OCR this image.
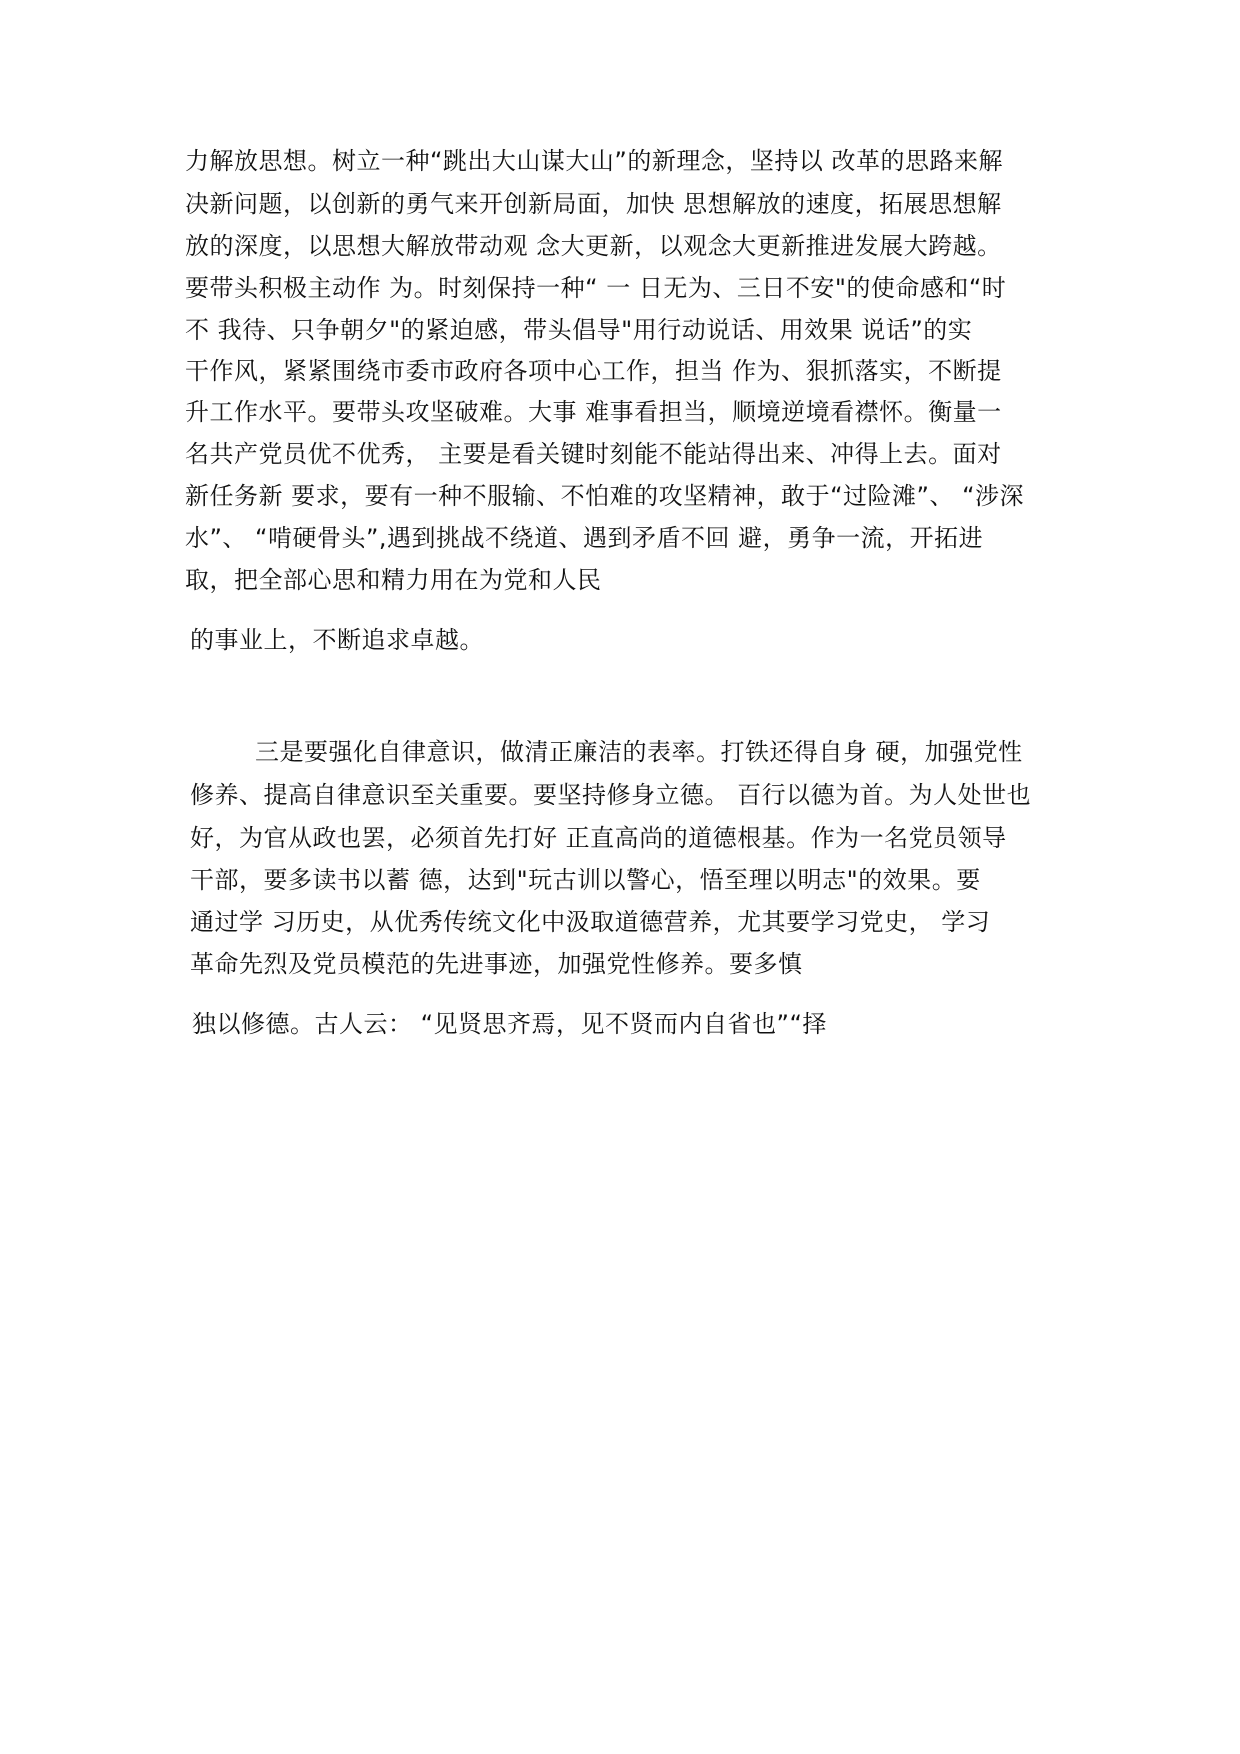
力解放思想。树立一种“跳出大山谋大山”的新理念，坚持以 改革的思路来解
决新问题，以创新的勇气来开创新局面，加快 思想解放的速度，拓展思想解
放的深度，以思想大解放带动观 念大更新，以观念大更新推进发展大跨越。
要带头积极主动作 为。时刻保持一种“ 一 日无为、三日不安"的使命感和“时
不 我待、只争朝夕"的紧迫感，带头倡导"用行动说话、用效果 说话”的实
干作风，紧紧围绕市委市政府各项中心工作，担当 作为、狠抓落实，不断提
升工作水平。要带头攻坚破难。大事 难事看担当，顺境逆境看襟怀。衡量一
名共产党员优不优秀， 主要是看关键时刻能不能站得出来、冲得上去。面对
新任务新 要求，要有一种不服输、不怕难的攻坚精神，敢于“过险滩”、 “涉深
水”、 “啃硬骨头”,遇到挑战不绕道、遇到矛盾不回 避，勇争一流，开拓进
取，把全部心思和精力用在为党和人民
的事业上，不断追求卓越。
三是要强化自律意识，做清正廉洁的表率。打铁还得自身 硬，加强党性
修养、提高自律意识至关重要。要坚持修身立德。 百行以德为首。为人处世也
好，为官从政也罢，必须首先打好 正直高尚的道德根基。作为一名党员领导
干部，要多读书以蓄 德，达到"玩古训以警心，悟至理以明志"的效果。要
通过学 习历史，从优秀传统文化中汲取道德营养，尤其要学习党史， 学习
革命先烈及党员模范的先进事迹，加强党性修养。要多慎
独以修德。古人云： “见贤思齐焉，见不贤而内自省也”“择
